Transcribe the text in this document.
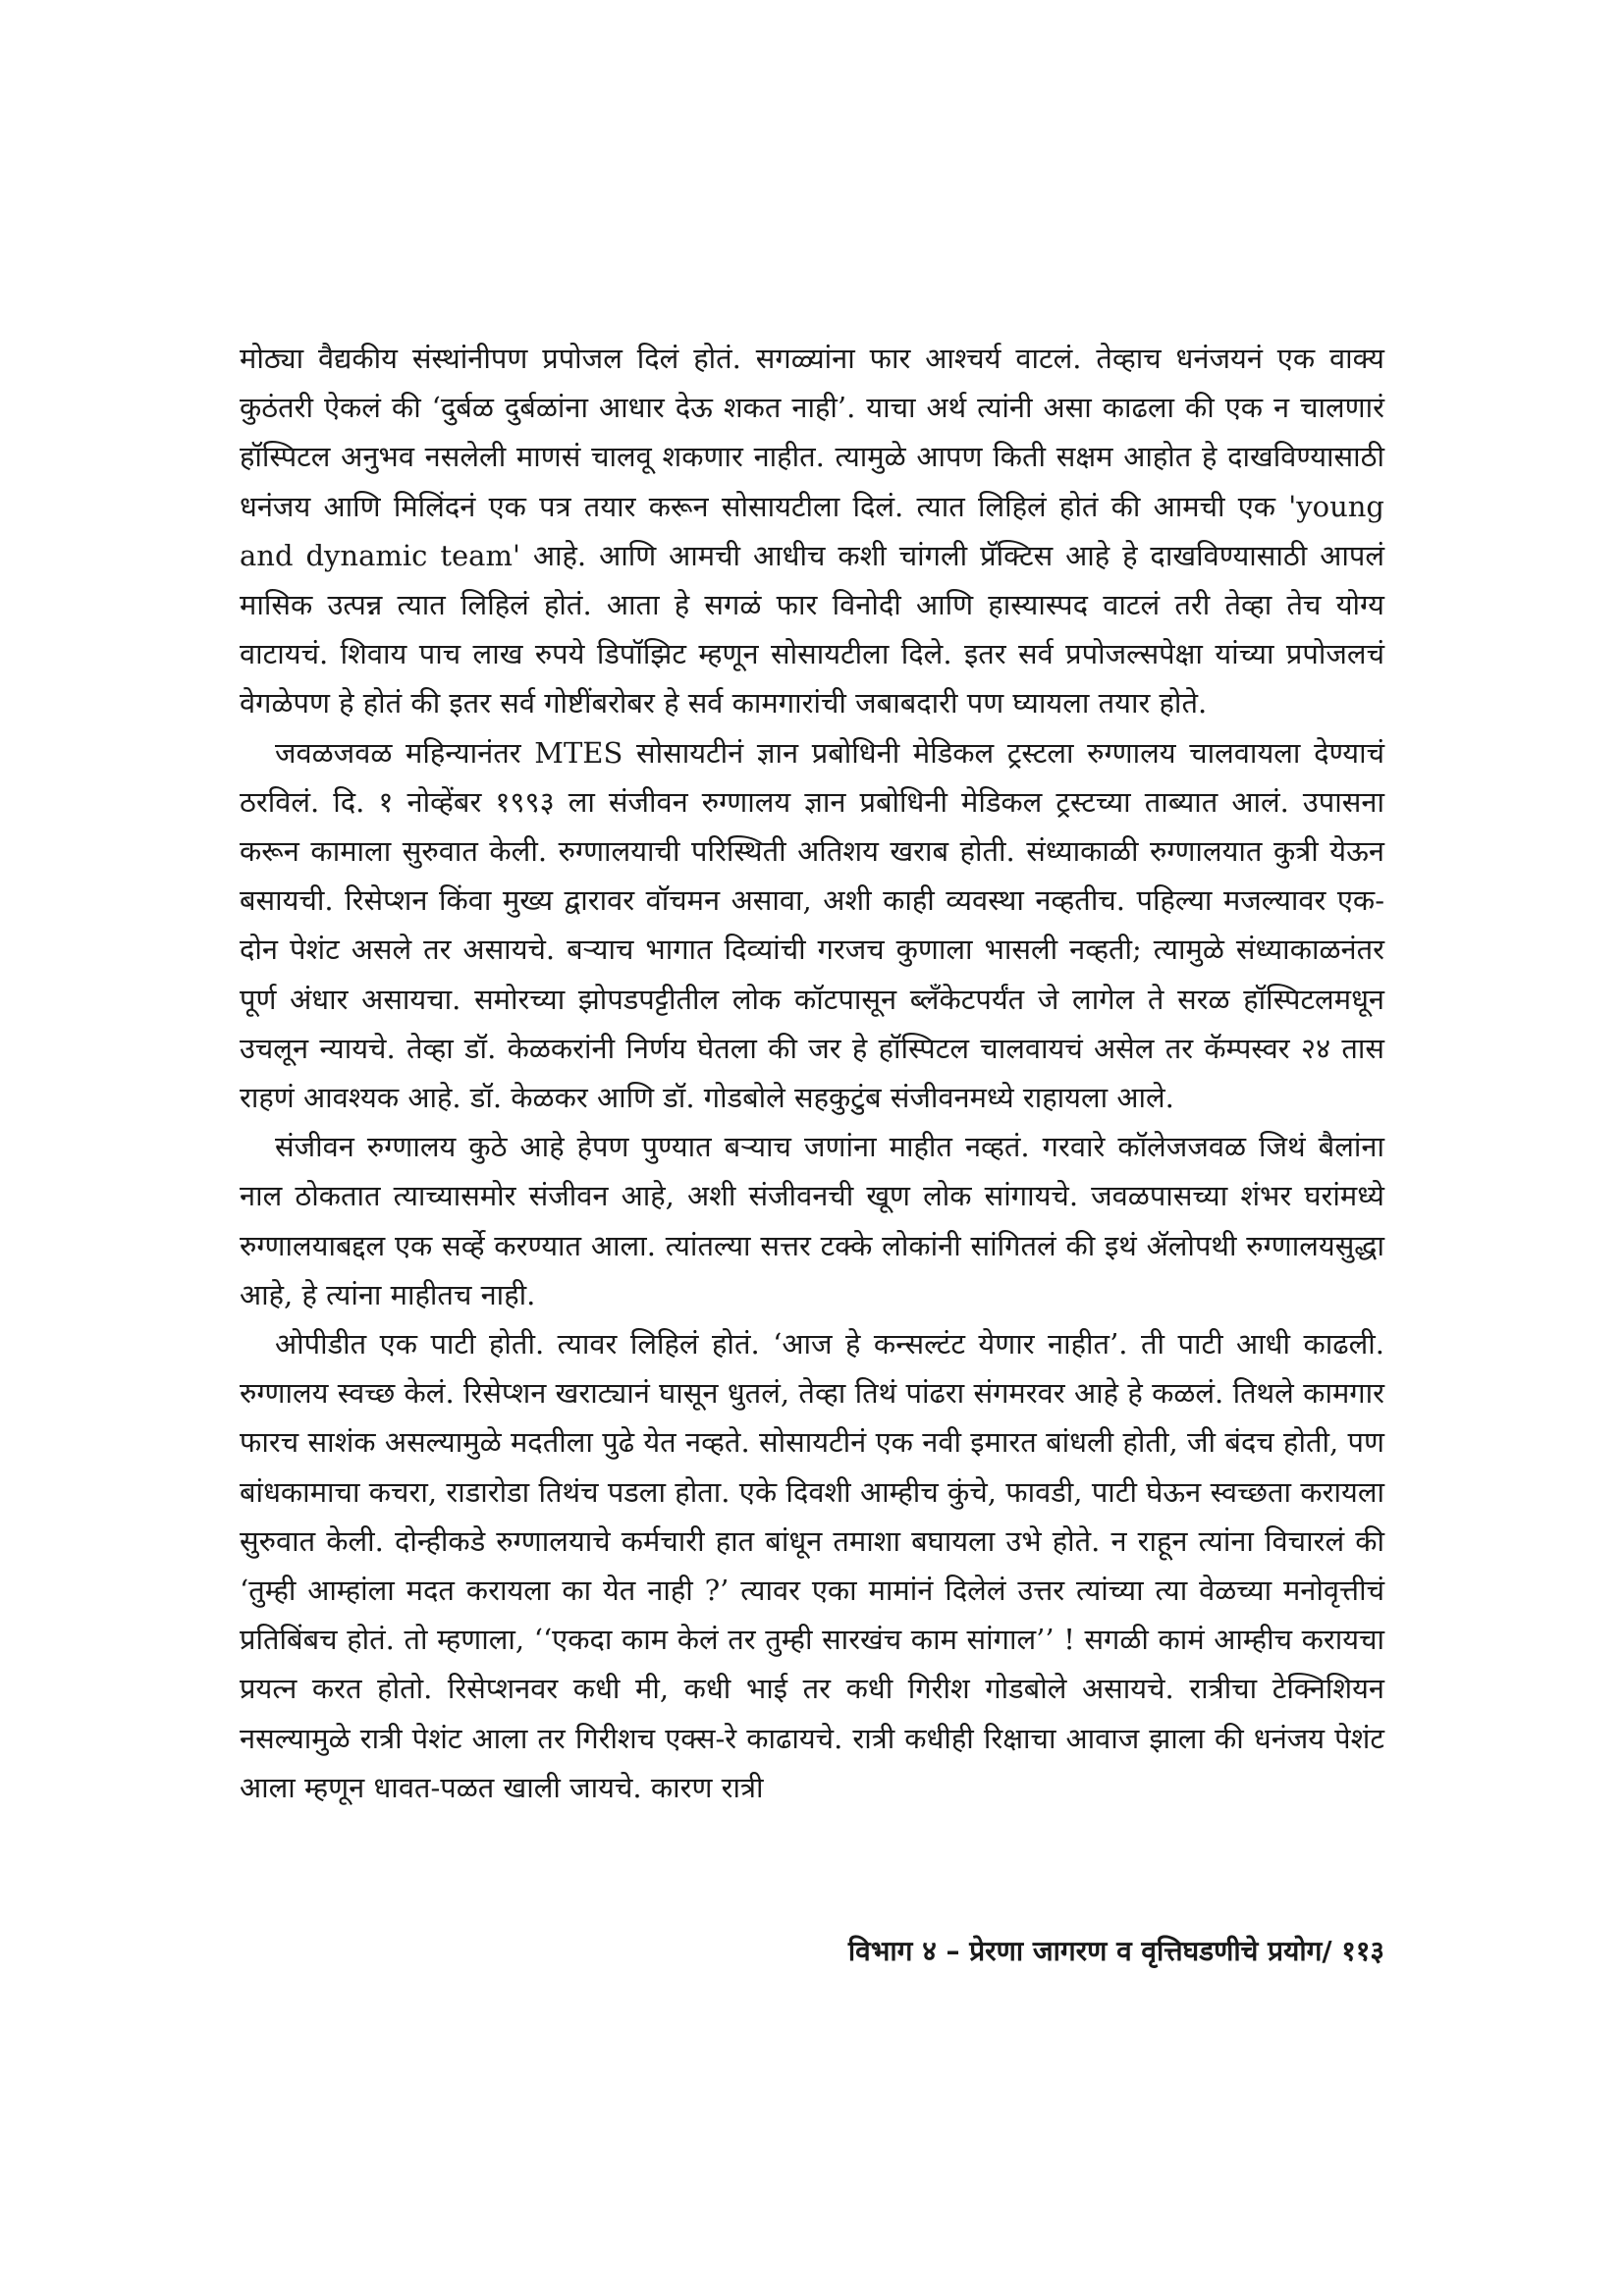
मोठ्या वैद्यकीय संस्थांनीपण प्रपोजल दिलं होतं. सगळ्यांना फार आश्चर्य वाटलं. तेव्हाच धनंजयनं एक वाक्य कुठंतरी ऐकलं की ‘दुर्बळ दुर्बळांना आधार देऊ शकत नाही’. याचा अर्थ त्यांनी असा काढला की एक न चालणारं हॉस्पिटल अनुभव नसलेली माणसं चालवू शकणार नाहीत. त्यामुळे आपण किती सक्षम आहोत हे दाखविण्यासाठी धनंजय आणि मिलिंदनं एक पत्र तयार करून सोसायटीला दिलं. त्यात लिहिलं होतं की आमची एक 'young and dynamic team' आहे. आणि आमची आधीच कशी चांगली प्रॅक्टिस आहे हे दाखविण्यासाठी आपलं मासिक उत्पन्न त्यात लिहिलं होतं. आता हे सगळं फार विनोदी आणि हास्यास्पद वाटलं तरी तेव्हा तेच योग्य वाटायचं. शिवाय पाच लाख रुपये डिपॉझिट म्हणून सोसायटीला दिले. इतर सर्व प्रपोजल्सपेक्षा यांच्या प्रपोजलचं वेगळेपण हे होतं की इतर सर्व गोष्टींबरोबर हे सर्व कामगारांची जबाबदारी पण घ्यायला तयार होते.

जवळजवळ महिन्यानंतर MTES सोसायटीनं ज्ञान प्रबोधिनी मेडिकल ट्रस्टला रुग्णालय चालवायला देण्याचं ठरविलं. दि. १ नोव्हेंबर १९९३ ला संजीवन रुग्णालय ज्ञान प्रबोधिनी मेडिकल ट्रस्टच्या ताब्यात आलं. उपासना करून कामाला सुरुवात केली. रुग्णालयाची परिस्थिती अतिशय खराब होती. संध्याकाळी रुग्णालयात कुत्री येऊन बसायची. रिसेप्शन किंवा मुख्य द्वारावर वॉचमन असावा, अशी काही व्यवस्था नव्हतीच. पहिल्या मजल्यावर एक-दोन पेशंट असले तर असायचे. बऱ्याच भागात दिव्यांची गरजच कुणाला भासली नव्हती; त्यामुळे संध्याकाळनंतर पूर्ण अंधार असायचा. समोरच्या झोपडपट्टीतील लोक कॉटपासून ब्लँकेटपर्यंत जे लागेल ते सरळ हॉस्पिटलमधून उचलून न्यायचे. तेव्हा डॉ. केळकरांनी निर्णय घेतला की जर हे हॉस्पिटल चालवायचं असेल तर कॅम्पस्वर २४ तास राहणं आवश्यक आहे. डॉ. केळकर आणि डॉ. गोडबोले सहकुटुंब संजीवनमध्ये राहायला आले.

संजीवन रुग्णालय कुठे आहे हेपण पुण्यात बऱ्याच जणांना माहीत नव्हतं. गरवारे कॉलेजजवळ जिथं बैलांना नाल ठोकतात त्याच्यासमोर संजीवन आहे, अशी संजीवनची खूण लोक सांगायचे. जवळपासच्या शंभर घरांमध्ये रुग्णालयाबद्दल एक सर्व्हे करण्यात आला. त्यांतल्या सत्तर टक्के लोकांनी सांगितलं की इथं ॲलोपथी रुग्णालयसुद्धा आहे, हे त्यांना माहीतच नाही.

ओपीडीत एक पाटी होती. त्यावर लिहिलं होतं. ‘आज हे कन्सल्टंट येणार नाहीत’. ती पाटी आधी काढली. रुग्णालय स्वच्छ केलं. रिसेप्शन खराट्यानं घासून धुतलं, तेव्हा तिथं पांढरा संगमरवर आहे हे कळलं. तिथले कामगार फारच साशंक असल्यामुळे मदतीला पुढे येत नव्हते. सोसायटीनं एक नवी इमारत बांधली होती, जी बंदच होती, पण बांधकामाचा कचरा, राडारोडा तिथंच पडला होता. एके दिवशी आम्हीच कुंचे, फावडी, पाटी घेऊन स्वच्छता करायला सुरुवात केली. दोन्हीकडे रुग्णालयाचे कर्मचारी हात बांधून तमाशा बघायला उभे होते. न राहून त्यांना विचारलं की ‘तुम्ही आम्हांला मदत करायला का येत नाही ?’ त्यावर एका मामांनं दिलेलं उत्तर त्यांच्या त्या वेळच्या मनोवृत्तीचं प्रतिबिंबच होतं. तो म्हणाला, ‘‘एकदा काम केलं तर तुम्ही सारखंच काम सांगाल’’ ! सगळी कामं आम्हीच करायचा प्रयत्न करत होतो. रिसेप्शनवर कधी मी, कधी भाई तर कधी गिरीश गोडबोले असायचे. रात्रीचा टेक्निशियन नसल्यामुळे रात्री पेशंट आला तर गिरीशच एक्स-रे काढायचे. रात्री कधीही रिक्षाचा आवाज झाला की धनंजय पेशंट आला म्हणून धावत-पळत खाली जायचे. कारण रात्री

विभाग ४ – प्रेरणा जागरण व वृत्तिघडणीचे प्रयोग/ ११३
